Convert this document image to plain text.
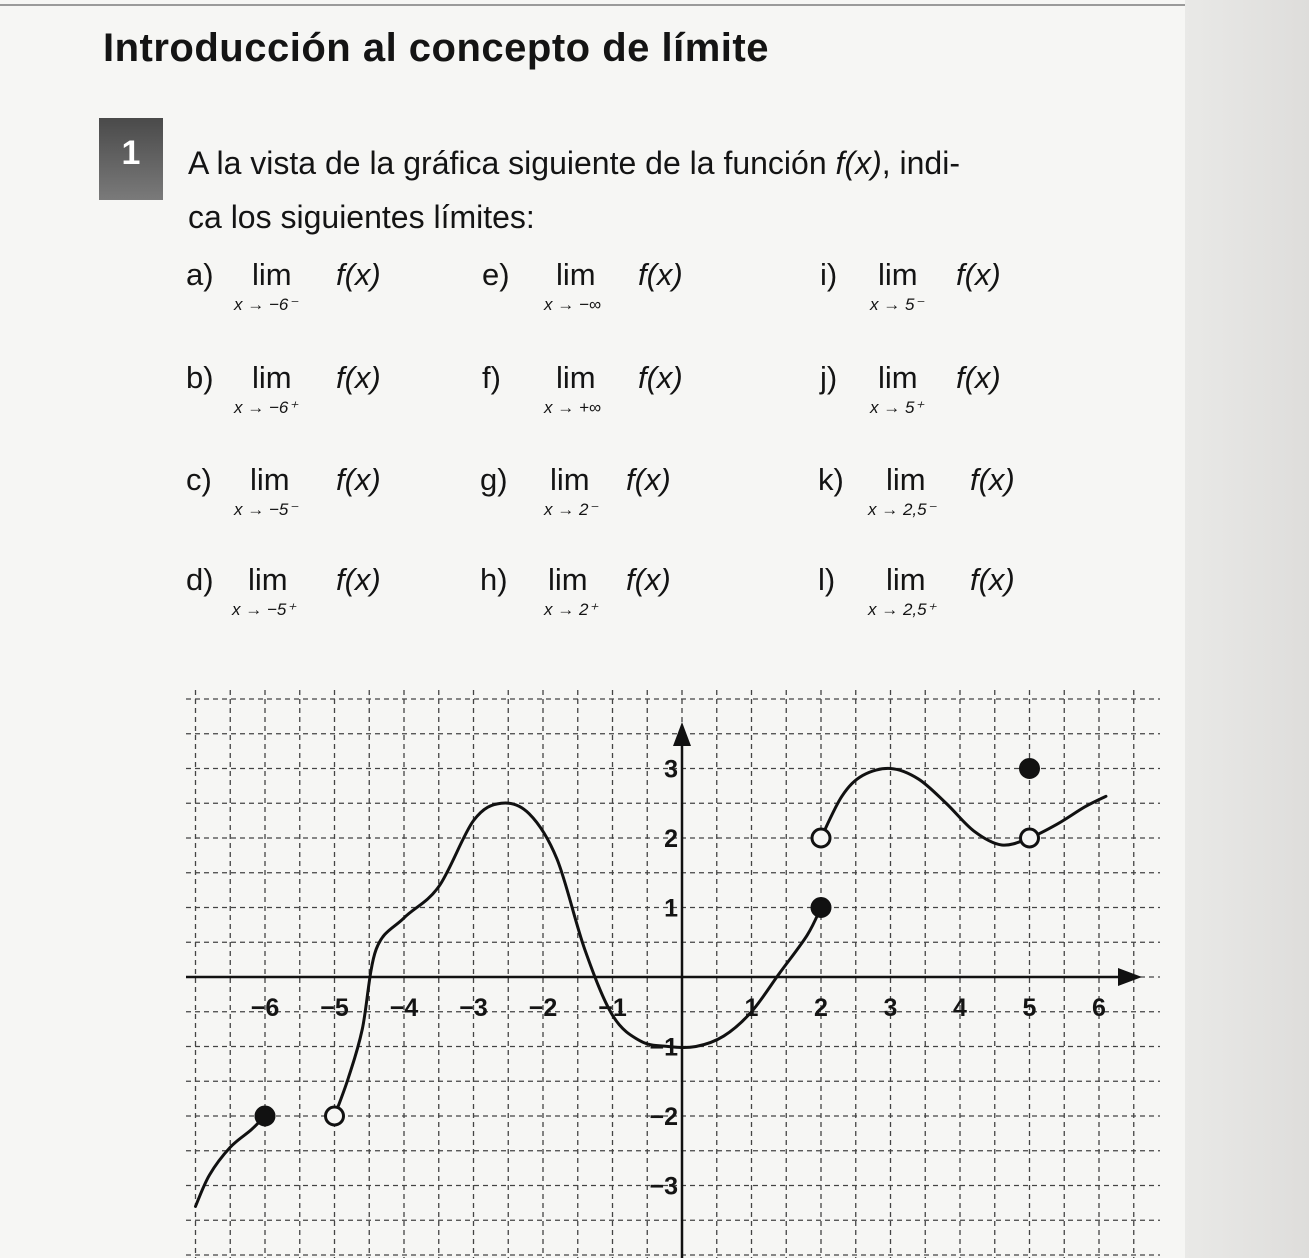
Introducción al concepto de límite
1	A la vista de la gráfica siguiente de la función f(x), indi-
ca los siguientes límites:
a) lim f(x)
x → −6⁻
b) lim f(x)
x → −6⁺
c) lim f(x)
x → −5⁻
d) lim f(x)
x → −5⁺
e) lim f(x)
x → −∞
f) lim f(x)
x → +∞
g) lim f(x)
x → 2⁻
h) lim f(x)
x → 2⁺
i) lim f(x)
x → 5⁻
j) lim f(x)
x → 5⁺
k) lim f(x)
x → 2,5⁻
l) lim f(x)
x → 2,5⁺
−6 −5 −4 −3 −2 −1	1 2 3 4 5 6
3
2
1
−1
−2
−3
